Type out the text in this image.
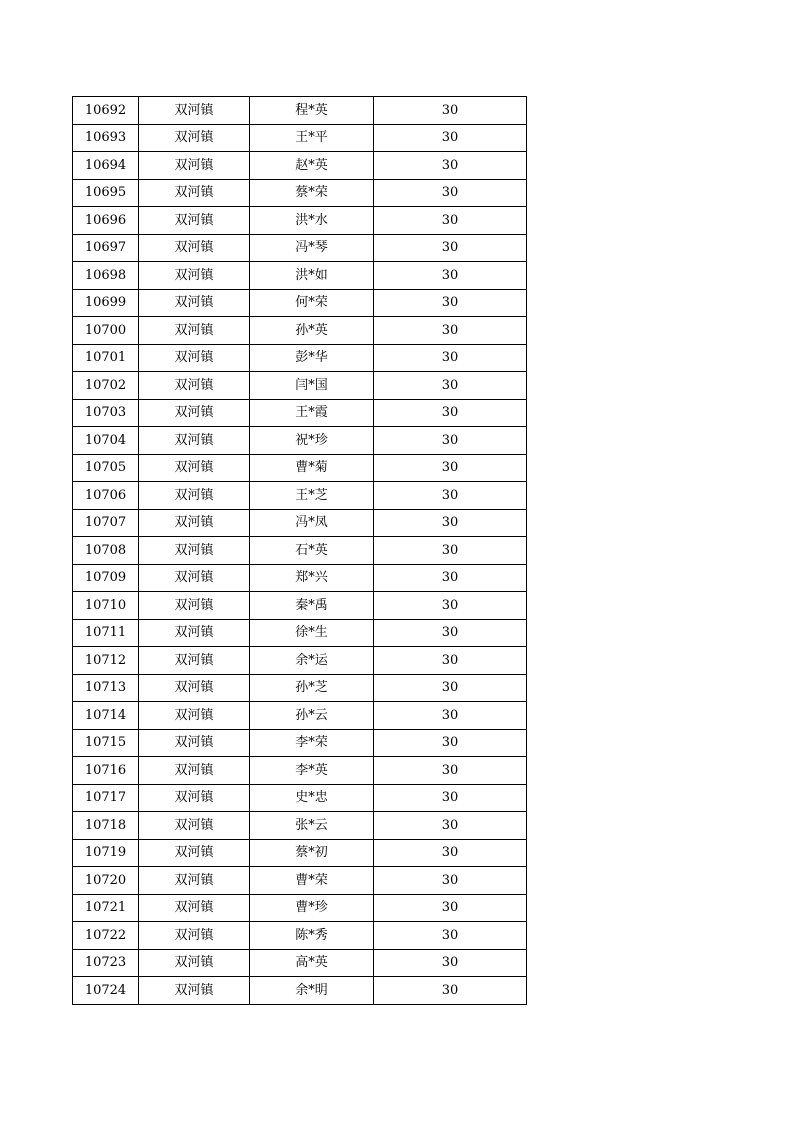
10692	双河镇	程*英	30
10693	双河镇	王*平	30
10694	双河镇	赵*英	30
10695	双河镇	蔡*荣	30
10696	双河镇	洪*水	30
10697	双河镇	冯*琴	30
10698	双河镇	洪*如	30
10699	双河镇	何*荣	30
10700	双河镇	孙*英	30
10701	双河镇	彭*华	30
10702	双河镇	闫*国	30
10703	双河镇	王*霞	30
10704	双河镇	祝*珍	30
10705	双河镇	曹*菊	30
10706	双河镇	王*芝	30
10707	双河镇	冯*凤	30
10708	双河镇	石*英	30
10709	双河镇	郑*兴	30
10710	双河镇	秦*禹	30
10711	双河镇	徐*生	30
10712	双河镇	余*运	30
10713	双河镇	孙*芝	30
10714	双河镇	孙*云	30
10715	双河镇	李*荣	30
10716	双河镇	李*英	30
10717	双河镇	史*忠	30
10718	双河镇	张*云	30
10719	双河镇	蔡*初	30
10720	双河镇	曹*荣	30
10721	双河镇	曹*珍	30
10722	双河镇	陈*秀	30
10723	双河镇	高*英	30
10724	双河镇	余*明	30
